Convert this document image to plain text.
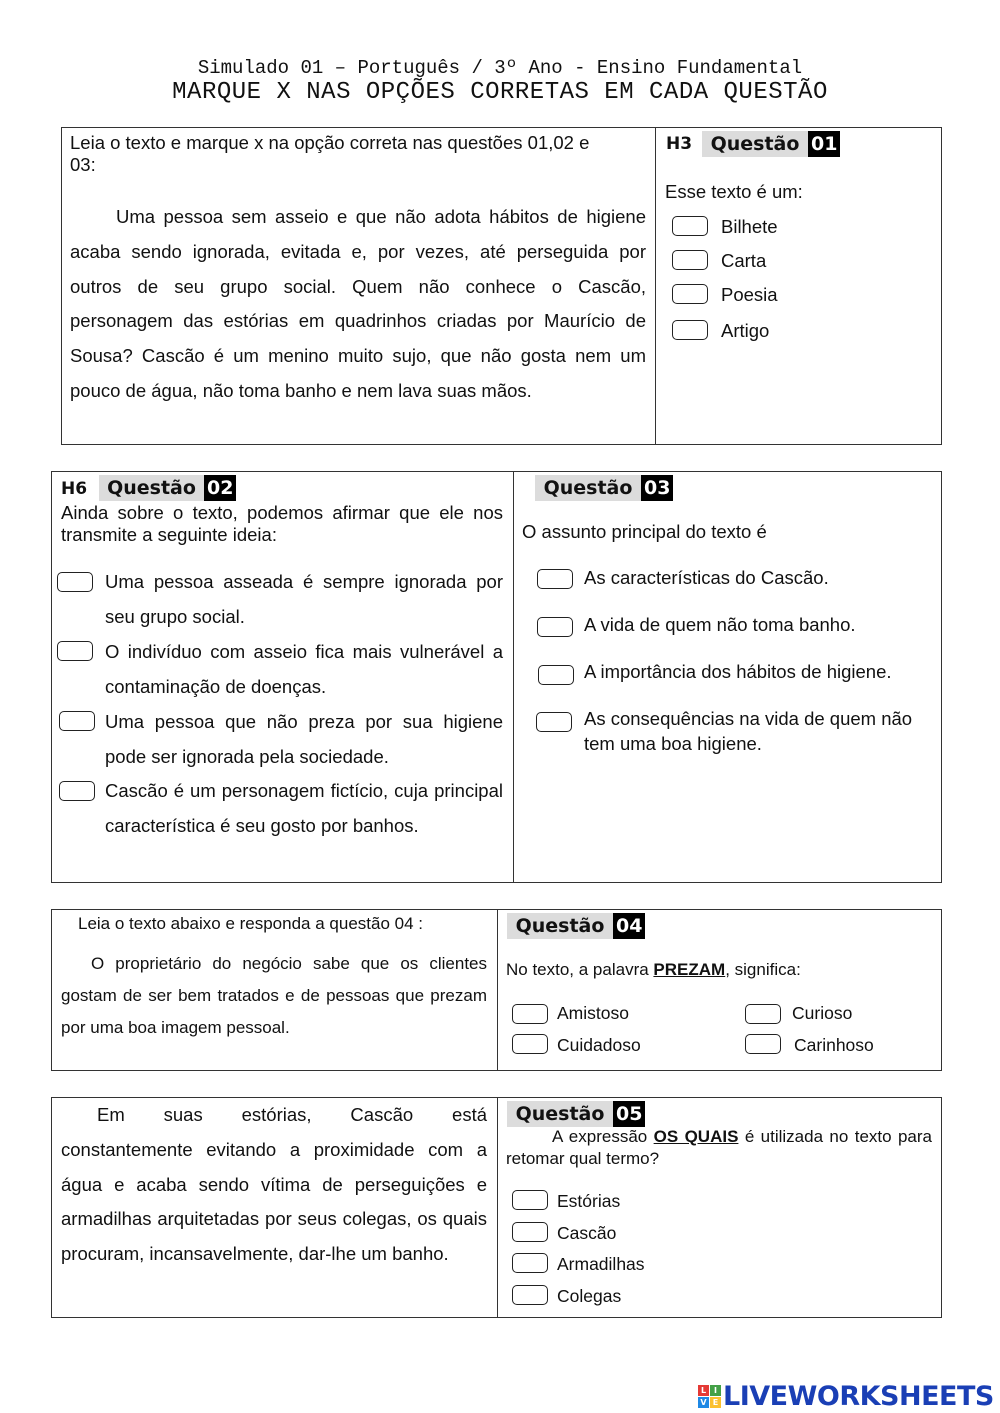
Simulado 01 – Português / 3º Ano - Ensino Fundamental
MARQUE X NAS OPÇÕES CORRETAS EM CADA QUESTÃO
Leia o texto e marque x na opção correta nas questões 01,02 e
03:
Uma pessoa sem asseio e que não adota hábitos de higiene acaba sendo ignorada, evitada e, por vezes, até perseguida por outros de seu grupo social. Quem não conhece o Cascão, personagem das estórias em quadrinhos criadas por Maurício de Sousa? Cascão é um menino muito sujo, que não gosta nem um pouco de água, não toma banho e nem lava suas mãos.
H3 Questão 01
Esse texto é um:
Bilhete
Carta
Poesia
Artigo
H6	Questão 02
Ainda sobre o texto, podemos afirmar que ele nos transmite a seguinte ideia:
Uma pessoa asseada é sempre ignorada por seu grupo social.
O indivíduo com asseio fica mais vulnerável a contaminação de doenças.
Uma pessoa que não preza por sua higiene pode ser ignorada pela sociedade.
Cascão é um personagem fictício, cuja principal característica é seu gosto por banhos.
Questão 03
O assunto principal do texto é
As características do Cascão.
A vida de quem não toma banho.
A importância dos hábitos de higiene.
As consequências na vida de quem não tem uma boa higiene.
Leia o texto abaixo e responda a questão 04 :
O proprietário do negócio sabe que os clientes gostam de ser bem tratados e de pessoas que prezam por uma boa imagem pessoal.
Questão 04
No texto, a palavra PREZAM, significa:
Amistoso	Curioso
Cuidadoso	Carinhoso
Em suas estórias, Cascão está constantemente evitando a proximidade com a água e acaba sendo vítima de perseguições e armadilhas arquitetadas por seus colegas, os quais procuram, incansavelmente, dar-lhe um banho.
Questão 05
A expressão OS QUAIS é utilizada no texto para retomar qual termo?
Estórias
Cascão
Armadilhas
Colegas
L I
V E LIVEWORKSHEETS
